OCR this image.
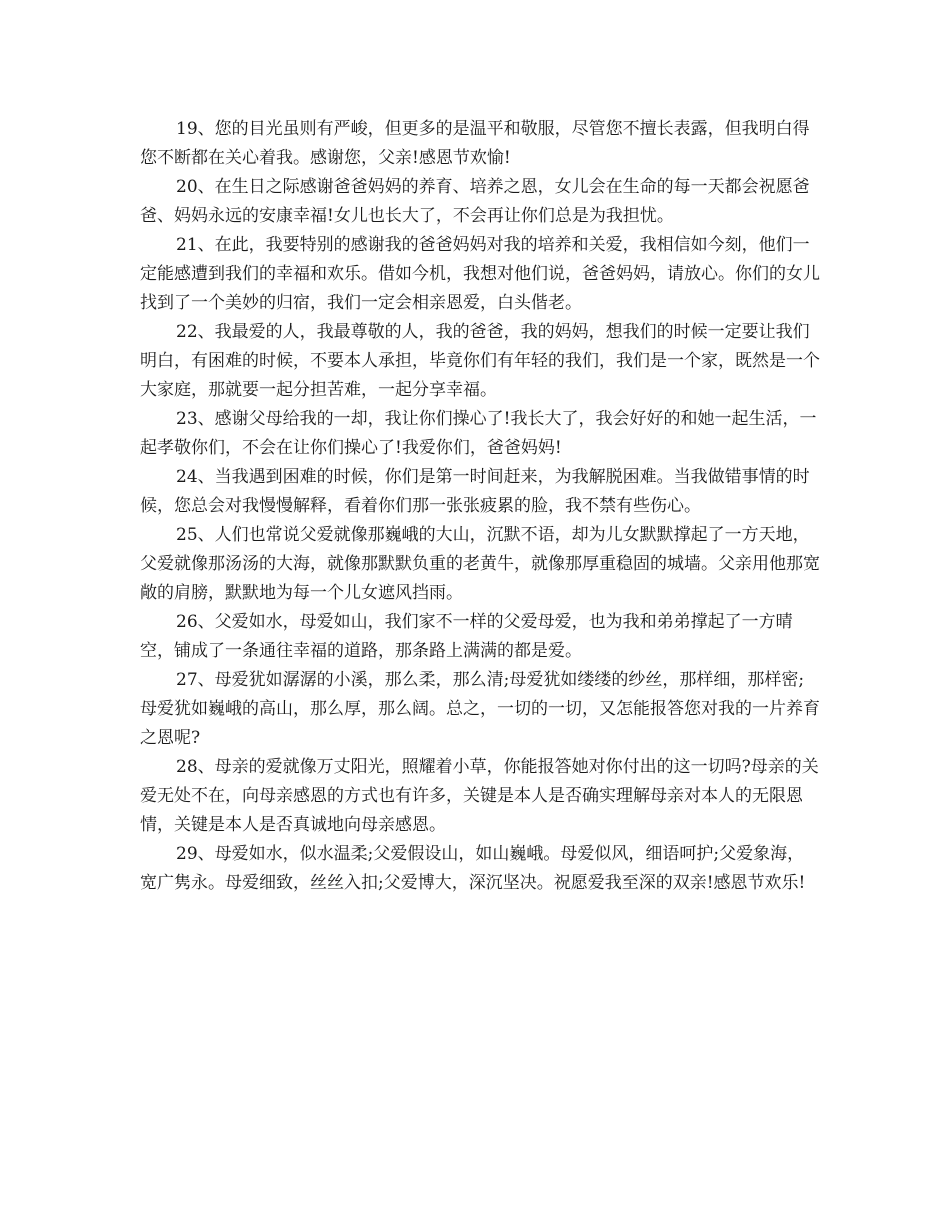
19、您的目光虽则有严峻，但更多的是温平和敬服，尽管您不擅长表露，但我明白得您不断都在关心着我。感谢您，父亲!感恩节欢愉!

20、在生日之际感谢爸爸妈妈的养育、培养之恩，女儿会在生命的每一天都会祝愿爸爸、妈妈永远的安康幸福!女儿也长大了，不会再让你们总是为我担忧。

21、在此，我要特别的感谢我的爸爸妈妈对我的培养和关爱，我相信如今刻，他们一定能感遭到我们的幸福和欢乐。借如今机，我想对他们说，爸爸妈妈，请放心。你们的女儿找到了一个美妙的归宿，我们一定会相亲恩爱，白头偕老。

22、我最爱的人，我最尊敬的人，我的爸爸，我的妈妈，想我们的时候一定要让我们明白，有困难的时候，不要本人承担，毕竟你们有年轻的我们，我们是一个家，既然是一个大家庭，那就要一起分担苦难，一起分享幸福。

23、感谢父母给我的一却，我让你们操心了!我长大了，我会好好的和她一起生活，一起孝敬你们，不会在让你们操心了!我爱你们，爸爸妈妈!

24、当我遇到困难的时候，你们是第一时间赶来，为我解脱困难。当我做错事情的时候，您总会对我慢慢解释，看着你们那一张张疲累的脸，我不禁有些伤心。

25、人们也常说父爱就像那巍峨的大山，沉默不语，却为儿女默默撑起了一方天地，父爱就像那汤汤的大海，就像那默默负重的老黄牛，就像那厚重稳固的城墙。父亲用他那宽敞的肩膀，默默地为每一个儿女遮风挡雨。

26、父爱如水，母爱如山，我们家不一样的父爱母爱，也为我和弟弟撑起了一方晴空，铺成了一条通往幸福的道路，那条路上满满的都是爱。

27、母爱犹如潺潺的小溪，那么柔，那么清;母爱犹如缕缕的纱丝，那样细，那样密;母爱犹如巍峨的高山，那么厚，那么阔。总之，一切的一切，又怎能报答您对我的一片养育之恩呢?

28、母亲的爱就像万丈阳光，照耀着小草，你能报答她对你付出的这一切吗?母亲的关爱无处不在，向母亲感恩的方式也有许多，关键是本人是否确实理解母亲对本人的无限恩情，关键是本人是否真诚地向母亲感恩。

29、母爱如水，似水温柔;父爱假设山，如山巍峨。母爱似风，细语呵护;父爱象海，宽广隽永。母爱细致，丝丝入扣;父爱博大，深沉坚决。祝愿爱我至深的双亲!感恩节欢乐!
